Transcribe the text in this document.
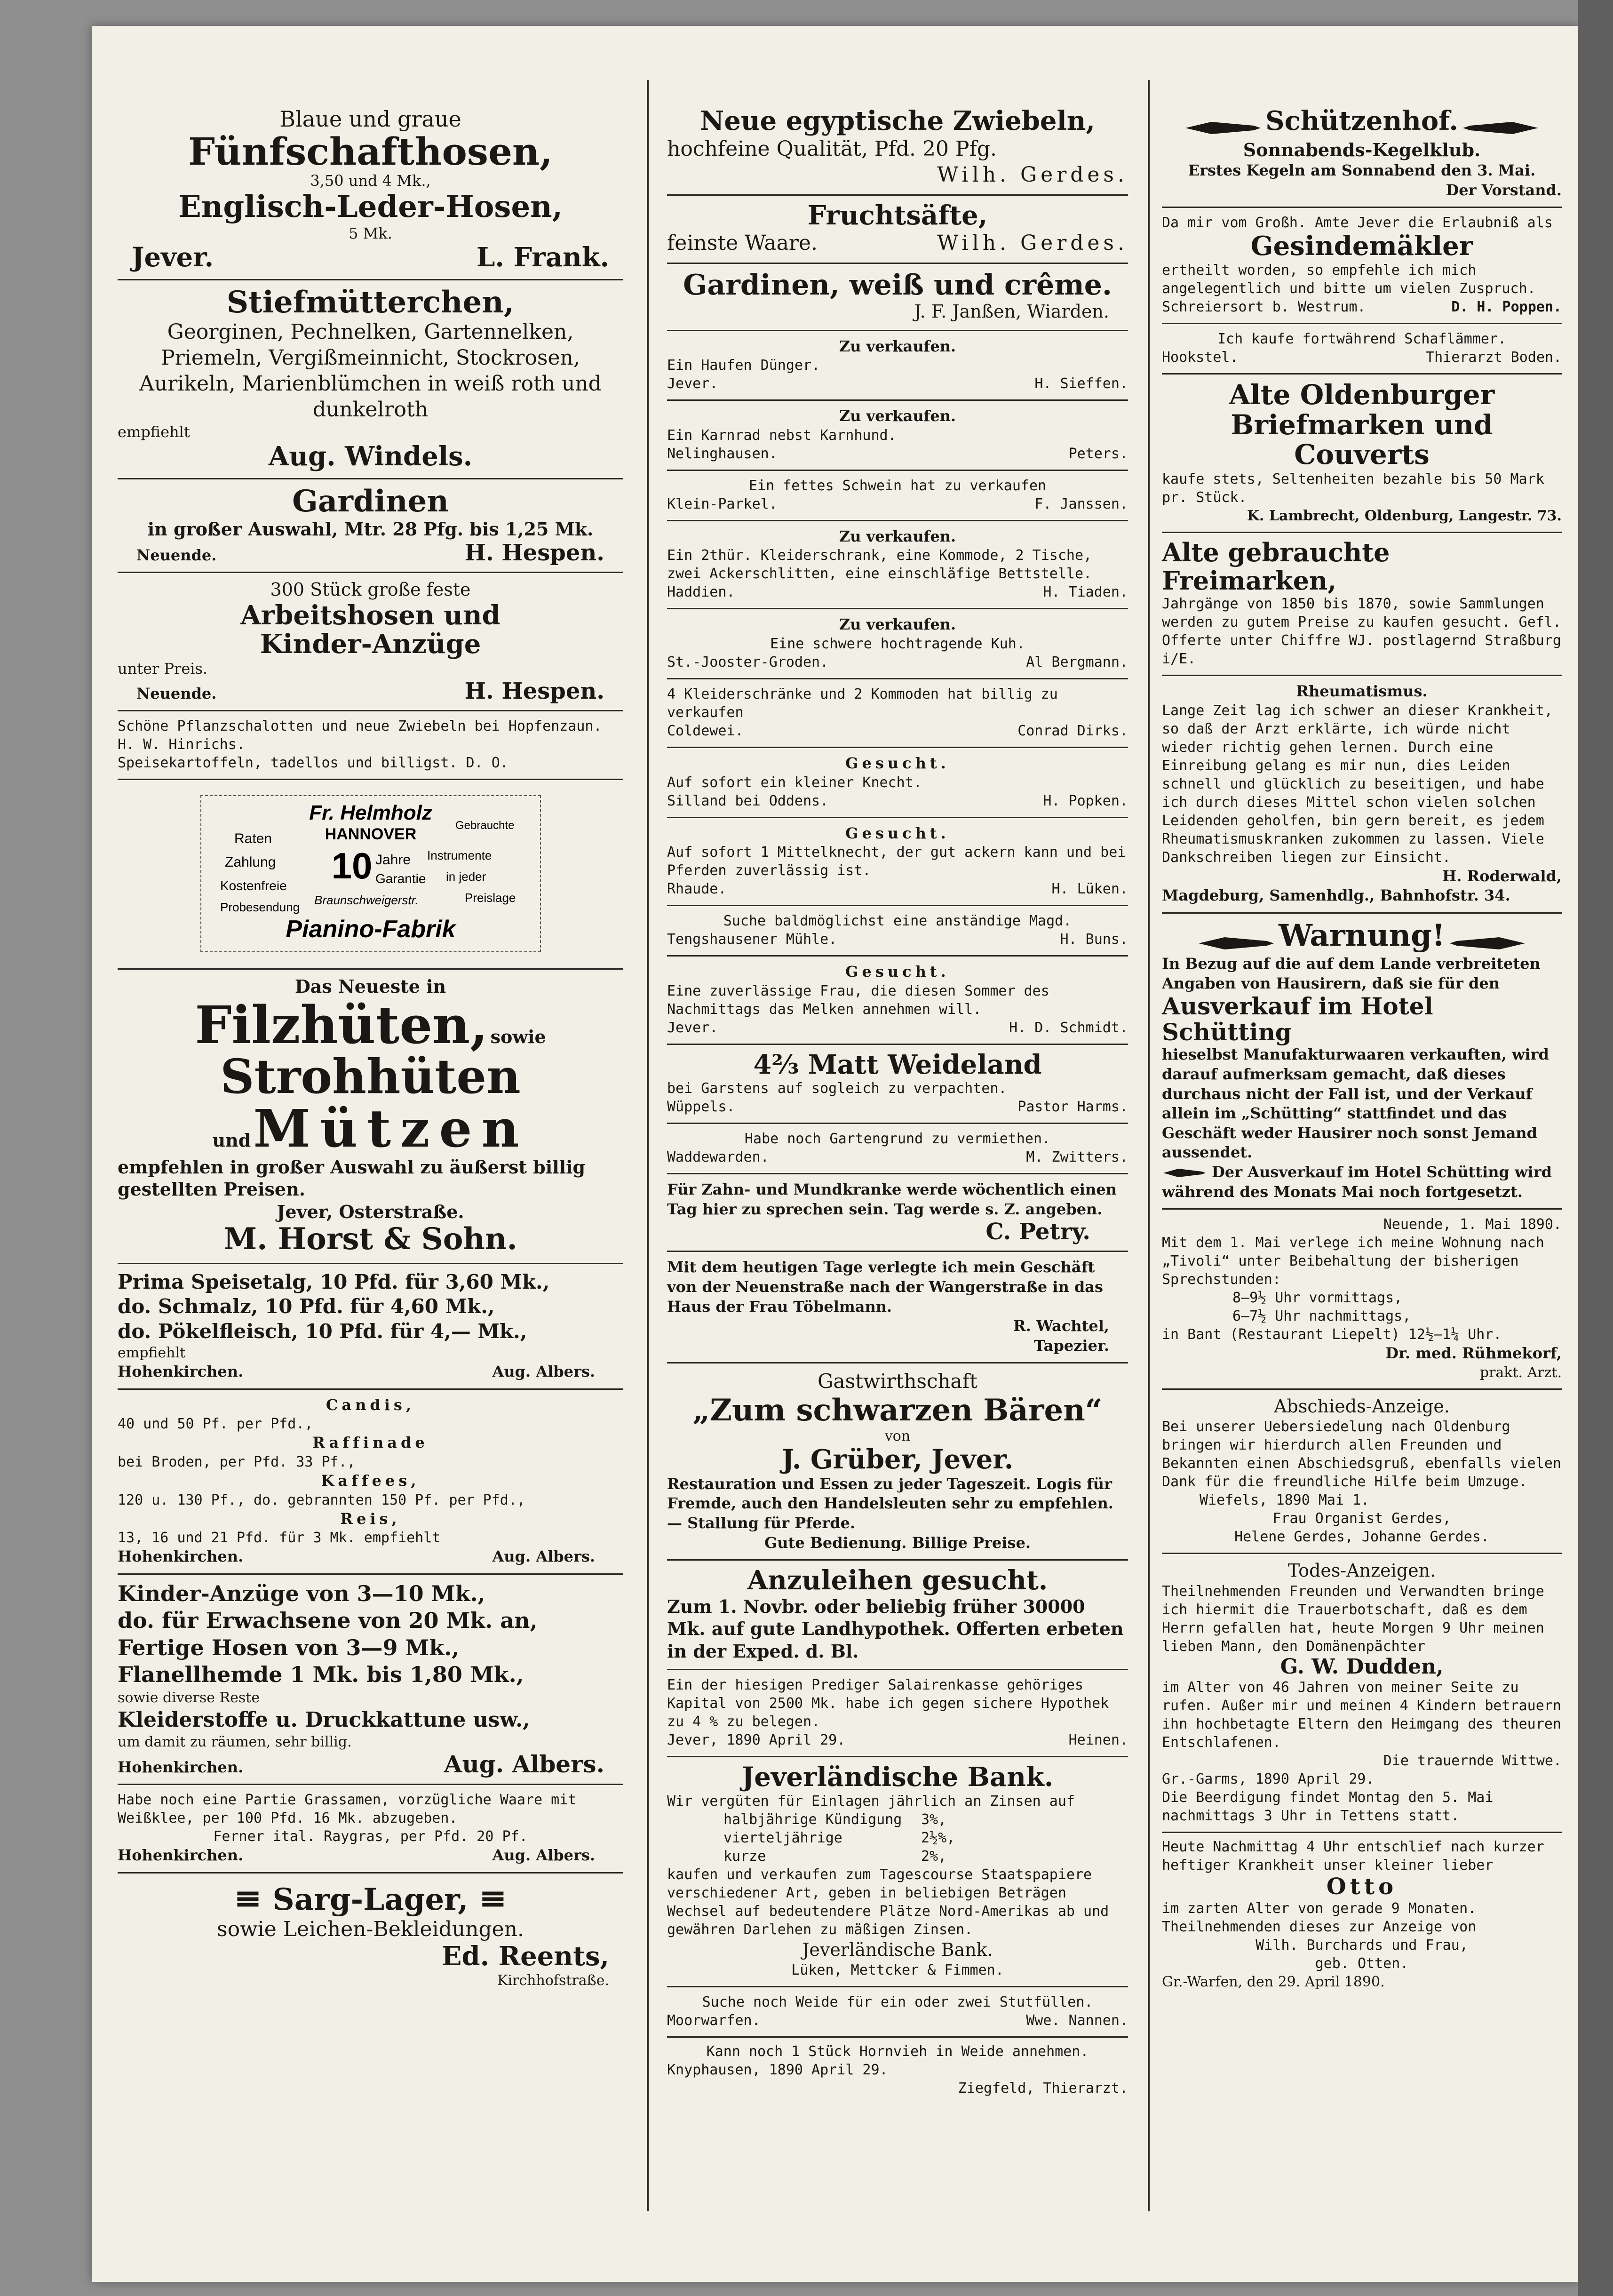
Blaue und graue
Fünfschafthosen,
3,50 und 4 Mk.,
Englisch-Leder-Hosen,
5 Mk.
Jever.	L. Frank.
Stiefmütterchen,
Georginen, Pechnelken, Gartennelken, Priemeln, Vergißmeinnicht, Stockrosen, Aurikeln, Marienblümchen in weiß roth und dunkelroth
empfiehlt
Aug. Windels.
Gardinen
in großer Auswahl, Mtr. 28 Pfg. bis 1,25 Mk.
Neuende.	H. Hespen.
300 Stück große feste
Arbeitshosen und
Kinder-Anzüge
unter Preis.
Neuende.	H. Hespen.
Schöne Pflanzschalotten und neue Zwiebeln bei Hopfenzaun. H. W. Hinrichs.
Speisekartoffeln, tadellos und billigst. D. O.
Fr. Helmholz
HANNOVER
Raten
Gebrauchte
Zahlung 10 Jahre Instrumente
Kostenfreie	Garantie in jeder
Probesendung Braunschweigerstr.	Preislage
Pianino-Fabrik
Das Neueste in
Filzhüten, sowie
Strohhüten
und Mützen
empfehlen in großer Auswahl zu äußerst billig gestellten Preisen.
Jever, Osterstraße.
M. Horst & Sohn.
Prima Speisetalg, 10 Pfd. für 3,60 Mk.,
do. Schmalz, 10 Pfd. für 4,60 Mk.,
do. Pökelfleisch, 10 Pfd. für 4,— Mk.,
empfiehlt
Hohenkirchen.	Aug. Albers.
Candis,
40 und 50 Pf. per Pfd.,
Raffinade
bei Broden, per Pfd. 33 Pf.,
Kaffees,
120 u. 130 Pf., do. gebrannten 150 Pf. per Pfd.,
Reis,
13, 16 und 21 Pfd. für 3 Mk. empfiehlt
Hohenkirchen.	Aug. Albers.
Kinder-Anzüge von 3—10 Mk.,
do. für Erwachsene von 20 Mk. an,
Fertige Hosen von 3—9 Mk.,
Flanellhemde 1 Mk. bis 1,80 Mk.,
sowie diverse Reste
Kleiderstoffe u. Druckkattune usw.,
um damit zu räumen, sehr billig.
Hohenkirchen.	Aug. Albers.
Habe noch eine Partie Grassamen, vorzügliche Waare mit Weißklee, per 100 Pfd. 16 Mk. abzugeben.
Ferner ital. Raygras, per Pfd. 20 Pf.
Hohenkirchen.	Aug. Albers.
≡ Sarg-Lager, ≡
sowie Leichen-Bekleidungen.
Ed. Reents,
Kirchhofstraße.
Neue egyptische Zwiebeln,
hochfeine Qualität, Pfd. 20 Pfg.
Wilh. Gerdes.
Fruchtsäfte,
feinste Waare.	Wilh. Gerdes.
Gardinen, weiß und crême.
J. F. Janßen, Wiarden.
Zu verkaufen.
Ein Haufen Dünger.
Jever.	H. Sieffen.
Zu verkaufen.
Ein Karnrad nebst Karnhund.
Nelinghausen.	Peters.
Ein fettes Schwein hat zu verkaufen
Klein-Parkel.	F. Janssen.
Zu verkaufen.
Ein 2thür. Kleiderschrank, eine Kommode, 2 Tische, zwei Ackerschlitten, eine einschläfige Bettstelle.
Haddien.	H. Tiaden.
Zu verkaufen.
Eine schwere hochtragende Kuh.
St.-Jooster-Groden.	Al Bergmann.
4 Kleiderschränke und 2 Kommoden hat billig zu verkaufen
Coldewei.	Conrad Dirks.
Gesucht.
Auf sofort ein kleiner Knecht.
Silland bei Oddens.	H. Popken.
Gesucht.
Auf sofort 1 Mittelknecht, der gut ackern kann und bei Pferden zuverlässig ist.
Rhaude.	H. Lüken.
Suche baldmöglichst eine anständige Magd.
Tengshausener Mühle.	H. Buns.
Gesucht.
Eine zuverlässige Frau, die diesen Sommer des Nachmittags das Melken annehmen will.
Jever.	H. D. Schmidt.
4⅔ Matt Weideland
bei Garstens auf sogleich zu verpachten.
Wüppels.	Pastor Harms.
Habe noch Gartengrund zu vermiethen.
Waddewarden.	M. Zwitters.
Für Zahn- und Mundkranke werde wöchentlich einen Tag hier zu sprechen sein. Tag werde s. Z. angeben.
C. Petry.
Mit dem heutigen Tage verlegte ich mein Geschäft von der Neuenstraße nach der Wangerstraße in das Haus der Frau Töbelmann.
R. Wachtel,
Tapezier.
Gastwirthschaft
„Zum schwarzen Bären“
von
J. Grüber, Jever.
Restauration und Essen zu jeder Tageszeit. Logis für Fremde, auch den Handelsleuten sehr zu empfehlen. — Stallung für Pferde.
Gute Bedienung. Billige Preise.
Anzuleihen gesucht.
Zum 1. Novbr. oder beliebig früher 30000 Mk. auf gute Landhypothek. Offerten erbeten in der Exped. d. Bl.
Ein der hiesigen Prediger Salairenkasse gehöriges Kapital von 2500 Mk. habe ich gegen sichere Hypothek zu 4 % zu belegen.
Jever, 1890 April 29.	Heinen.
Jeverländische Bank.
Wir vergüten für Einlagen jährlich an Zinsen auf
halbjährige Kündigung	3%,
vierteljährige	2½%,
kurze	2%,
kaufen und verkaufen zum Tagescourse Staatspapiere verschiedener Art, geben in beliebigen Beträgen Wechsel auf bedeutendere Plätze Nord-Amerikas ab und gewähren Darlehen zu mäßigen Zinsen.
Jeverländische Bank.
Lüken, Mettcker & Fimmen.
Suche noch Weide für ein oder zwei Stutfüllen.
Moorwarfen.	Wwe. Nannen.
Kann noch 1 Stück Hornvieh in Weide annehmen.
Knyphausen, 1890 April 29.
Ziegfeld, Thierarzt.
Schützenhof.
Sonnabends-Kegelklub.
Erstes Kegeln am Sonnabend den 3. Mai.
Der Vorstand.
Da mir vom Großh. Amte Jever die Erlaubniß als
Gesindemäkler
ertheilt worden, so empfehle ich mich angelegentlich und bitte um vielen Zuspruch.
Schreiersort b. Westrum.	D. H. Poppen.
Ich kaufe fortwährend Schaflämmer.
Hookstel.	Thierarzt Boden.
Alte Oldenburger Briefmarken und Couverts
kaufe stets, Seltenheiten bezahle bis 50 Mark pr. Stück.
K. Lambrecht, Oldenburg, Langestr. 73.
Alte gebrauchte Freimarken,
Jahrgänge von 1850 bis 1870, sowie Sammlungen werden zu gutem Preise zu kaufen gesucht. Gefl. Offerte unter Chiffre WJ. postlagernd Straßburg i/E.
Rheumatismus.
Lange Zeit lag ich schwer an dieser Krankheit, so daß der Arzt erklärte, ich würde nicht wieder richtig gehen lernen. Durch eine Einreibung gelang es mir nun, dies Leiden schnell und glücklich zu beseitigen, und habe ich durch dieses Mittel schon vielen solchen Leidenden geholfen, bin gern bereit, es jedem Rheumatismuskranken zukommen zu lassen. Viele Dankschreiben liegen zur Einsicht.
H. Roderwald,
Magdeburg, Samenhdlg., Bahnhofstr. 34.
Warnung!
In Bezug auf die auf dem Lande verbreiteten Angaben von Hausirern, daß sie für den
Ausverkauf im Hotel Schütting
hieselbst Manufakturwaaren verkauften, wird darauf aufmerksam gemacht, daß dieses durchaus nicht der Fall ist, und der Verkauf allein im „Schütting“ stattfindet und das Geschäft weder Hausirer noch sonst Jemand aussendet.
Der Ausverkauf im Hotel Schütting wird während des Monats Mai noch fortgesetzt.
Neuende, 1. Mai 1890.
Mit dem 1. Mai verlege ich meine Wohnung nach „Tivoli“ unter Beibehaltung der bisherigen Sprechstunden:
8—9½ Uhr vormittags,
6—7½ Uhr nachmittags,
in Bant (Restaurant Liepelt) 12½—1¼ Uhr.
Dr. med. Rühmekorf,
prakt. Arzt.
Abschieds-Anzeige.
Bei unserer Uebersiedelung nach Oldenburg bringen wir hierdurch allen Freunden und Bekannten einen Abschiedsgruß, ebenfalls vielen Dank für die freundliche Hilfe beim Umzuge.
Wiefels, 1890 Mai 1.
Frau Organist Gerdes,
Helene Gerdes, Johanne Gerdes.
Todes-Anzeigen.
Theilnehmenden Freunden und Verwandten bringe ich hiermit die Trauerbotschaft, daß es dem Herrn gefallen hat, heute Morgen 9 Uhr meinen lieben Mann, den Domänenpächter
G. W. Dudden,
im Alter von 46 Jahren von meiner Seite zu rufen. Außer mir und meinen 4 Kindern betrauern ihn hochbetagte Eltern den Heimgang des theuren Entschlafenen.
Die trauernde Wittwe.
Gr.-Garms, 1890 April 29.
Die Beerdigung findet Montag den 5. Mai nachmittags 3 Uhr in Tettens statt.
Heute Nachmittag 4 Uhr entschlief nach kurzer heftiger Krankheit unser kleiner lieber
Otto
im zarten Alter von gerade 9 Monaten. Theilnehmenden dieses zur Anzeige von
Wilh. Burchards und Frau,
geb. Otten.
Gr.-Warfen, den 29. April 1890.
